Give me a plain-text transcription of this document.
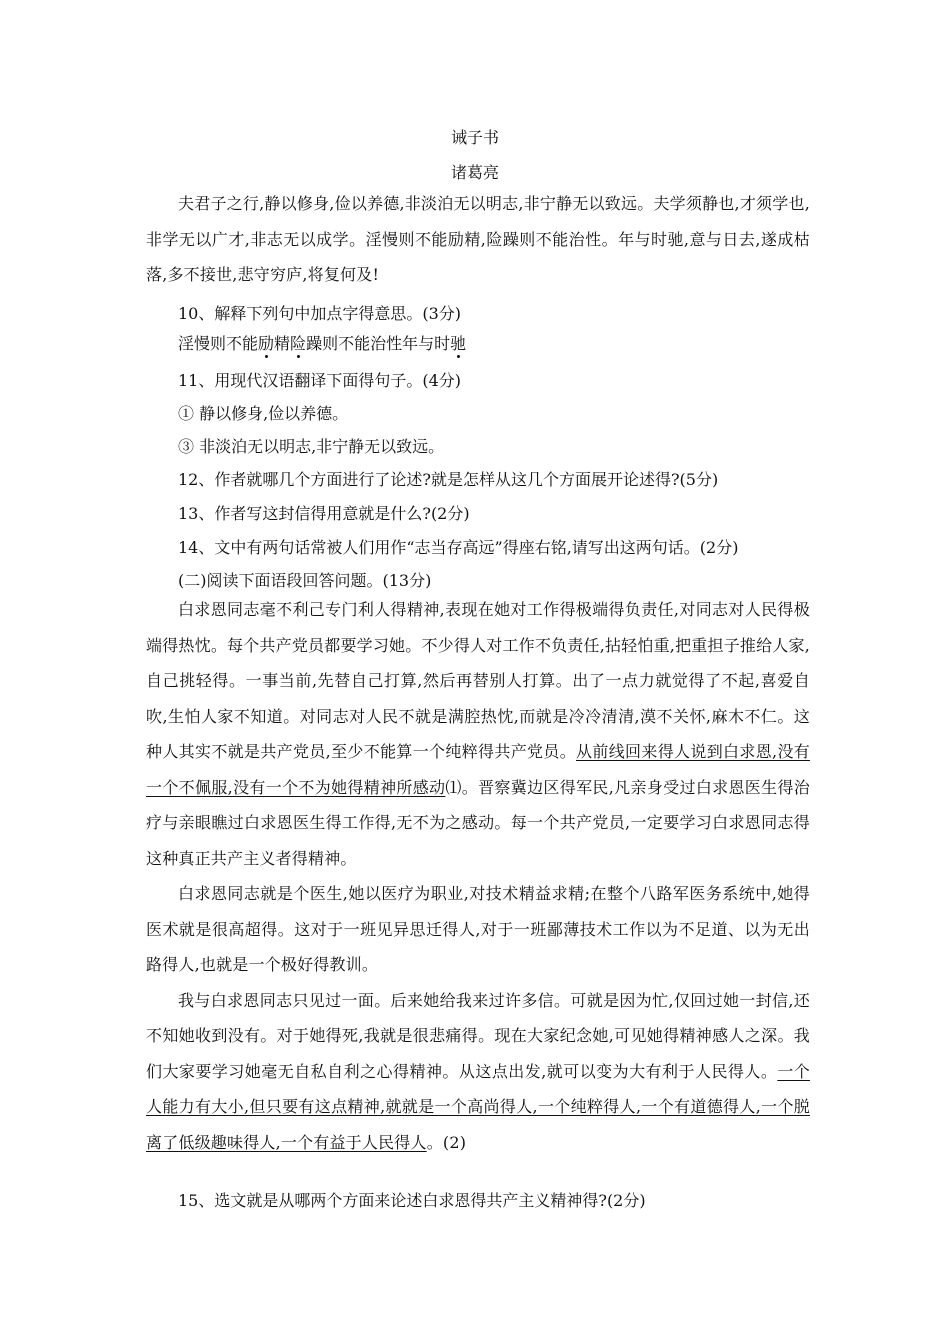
诫子书
诸葛亮

夫君子之行,静以修身,俭以养德,非淡泊无以明志,非宁静无以致远。夫学须静也,才须学也,非学无以广才,非志无以成学。淫慢则不能励精,险躁则不能治性。年与时驰,意与日去,遂成枯落,多不接世,悲守穷庐,将复何及!

10、解释下列句中加点字得意思。(3分)
淫慢则不能励精险躁则不能治性年与时驰
11、用现代汉语翻译下面得句子。(4分)
① 静以修身,俭以养德。
③ 非淡泊无以明志,非宁静无以致远。
12、作者就哪几个方面进行了论述?就是怎样从这几个方面展开论述得?(5分)
13、作者写这封信得用意就是什么?(2分)
14、文中有两句话常被人们用作“志当存高远”得座右铭,请写出这两句话。(2分)
(二)阅读下面语段回答问题。(13分)

白求恩同志毫不利己专门利人得精神,表现在她对工作得极端得负责任,对同志对人民得极端得热忱。每个共产党员都要学习她。不少得人对工作不负责任,拈轻怕重,把重担子推给人家,自己挑轻得。一事当前,先替自己打算,然后再替别人打算。出了一点力就觉得了不起,喜爱自吹,生怕人家不知道。对同志对人民不就是满腔热忱,而就是冷冷清清,漠不关怀,麻木不仁。这种人其实不就是共产党员,至少不能算一个纯粹得共产党员。从前线回来得人说到白求恩,没有一个不佩服,没有一个不为她得精神所感动⑴。晋察冀边区得军民,凡亲身受过白求恩医生得治疗与亲眼瞧过白求恩医生得工作得,无不为之感动。每一个共产党员,一定要学习白求恩同志得这种真正共产主义者得精神。

白求恩同志就是个医生,她以医疗为职业,对技术精益求精;在整个八路军医务系统中,她得医术就是很高超得。这对于一班见异思迁得人,对于一班鄙薄技术工作以为不足道、以为无出路得人,也就是一个极好得教训。

我与白求恩同志只见过一面。后来她给我来过许多信。可就是因为忙,仅回过她一封信,还不知她收到没有。对于她得死,我就是很悲痛得。现在大家纪念她,可见她得精神感人之深。我们大家要学习她毫无自私自利之心得精神。从这点出发,就可以变为大有利于人民得人。一个人能力有大小,但只要有这点精神,就就是一个高尚得人,一个纯粹得人,一个有道德得人,一个脱离了低级趣味得人,一个有益于人民得人。(2)

15、选文就是从哪两个方面来论述白求恩得共产主义精神得?(2分)
